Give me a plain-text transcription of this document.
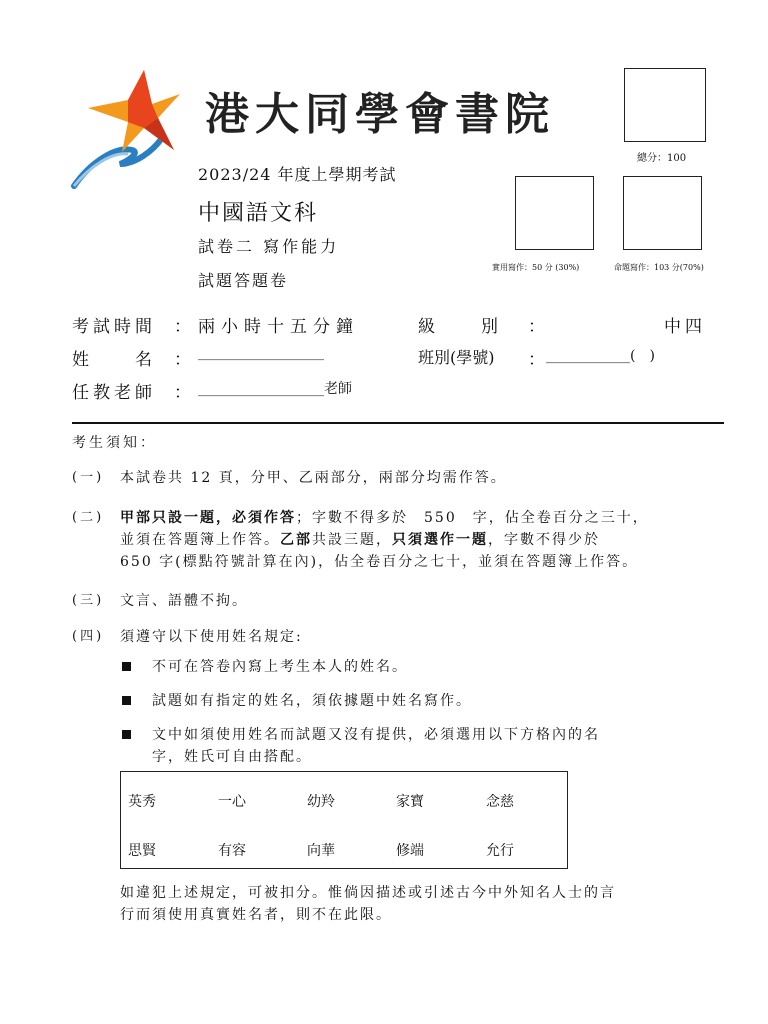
港大同學會書院
2023/24 年度上學期考試
中國語文科
試卷二 寫作能力
試題答題卷
總分：100
實用寫作：50 分 (30%)	命題寫作：103 分(70%)
考試時間 ： 兩小時十五分鐘	級　　別 ：	中四
姓　　名 ： __________________	班別(學號) ： ____________(　)
任教老師 ： __________________老師
考生須知：
(一) 本試卷共 12 頁，分甲、乙兩部分，兩部分均需作答。
(二) 甲部只設一題，必須作答；字數不得多於　550　字，佔全卷百分之三十，
並須在答題簿上作答。乙部共設三題，只須選作一題，字數不得少於
650 字(標點符號計算在內)，佔全卷百分之七十，並須在答題簿上作答。
(三) 文言、語體不拘。
(四) 須遵守以下使用姓名規定:
不可在答卷內寫上考生本人的姓名。
試題如有指定的姓名，須依據題中姓名寫作。
文中如須使用姓名而試題又沒有提供，必須選用以下方格內的名
字，姓氏可自由搭配。
英秀	一心	幼羚	家寶	念慈
思賢	有容	向華	修端	允行
如違犯上述規定，可被扣分。惟倘因描述或引述古今中外知名人士的言
行而須使用真實姓名者，則不在此限。
